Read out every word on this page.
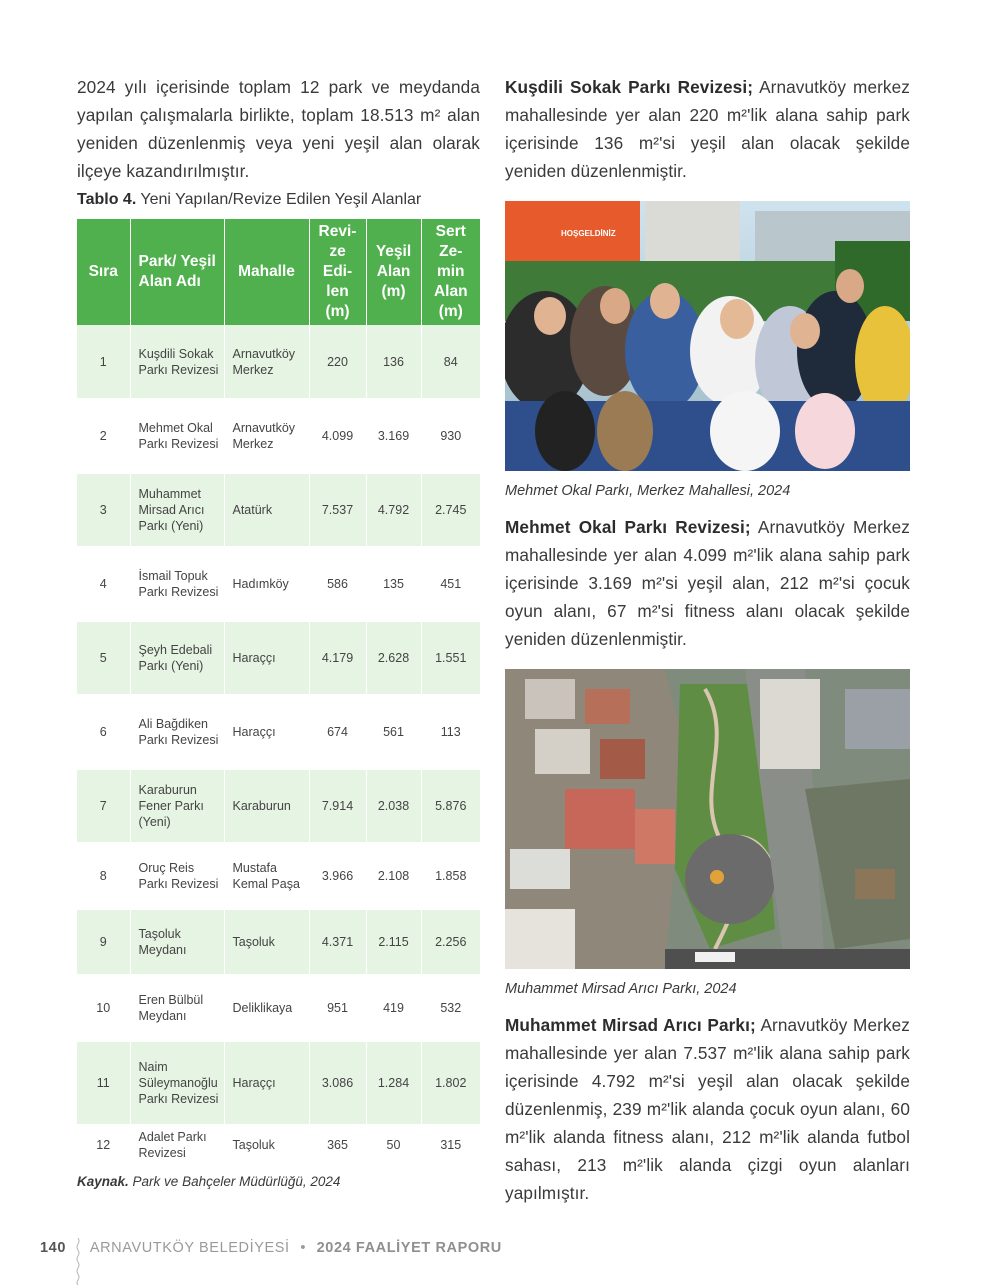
2024 yılı içerisinde toplam 12 park ve meydanda yapılan çalışmalarla birlikte, toplam 18.513 m² alan yeniden düzenlenmiş veya yeni yeşil alan olarak ilçeye kazandırılmıştır.

Tablo 4. Yeni Yapılan/Revize Edilen Yeşil Alanlar
Sıra	Park/ Yeşil Alan Adı	Mahalle	Revi-ze Edi-len (m)	Yeşil Alan (m)	Sert Ze-min Alan (m)
1	Kuşdili Sokak Parkı Revizesi	Arnavutköy Merkez	220	136	84
2	Mehmet Okal Parkı Revizesi	Arnavutköy Merkez	4.099	3.169	930
3	Muhammet Mirsad Arıcı Parkı (Yeni)	Atatürk	7.537	4.792	2.745
4	İsmail Topuk Parkı Revizesi	Hadımköy	586	135	451
5	Şeyh Edebali Parkı (Yeni)	Haraççı	4.179	2.628	1.551
6	Ali Bağdiken Parkı Revizesi	Haraççı	674	561	113
7	Karaburun Fener Parkı (Yeni)	Karaburun	7.914	2.038	5.876
8	Oruç Reis Parkı Revizesi	Mustafa Kemal Paşa	3.966	2.108	1.858
9	Taşoluk Meydanı	Taşoluk	4.371	2.115	2.256
10	Eren Bülbül Meydanı	Deliklikaya	951	419	532
11	Naim Süleymanoğlu Parkı Revizesi	Haraççı	3.086	1.284	1.802
12	Adalet Parkı Revizesi	Taşoluk	365	50	315
Kaynak. Park ve Bahçeler Müdürlüğü, 2024

Kuşdili Sokak Parkı Revizesi; Arnavutköy merkez mahallesinde yer alan 220 m²'lik alana sahip park içerisinde 136 m²'si yeşil alan olacak şekilde yeniden düzenlenmiştir.

HOŞGELDİNİZ
Mehmet Okal Parkı, Merkez Mahallesi, 2024

Mehmet Okal Parkı Revizesi; Arnavutköy Merkez mahallesinde yer alan 4.099 m²'lik alana sahip park içerisinde 3.169 m²'si yeşil alan, 212 m²'si çocuk oyun alanı, 67 m²'si fitness alanı olacak şekilde yeniden düzenlenmiştir.

Muhammet Mirsad Arıcı Parkı, 2024

Muhammet Mirsad Arıcı Parkı; Arnavutköy Merkez mahallesinde yer alan 7.537 m²'lik alana sahip park içerisinde 4.792 m²'si yeşil alan olacak şekilde düzenlenmiş, 239 m²'lik alanda çocuk oyun alanı, 60 m²'lik alanda fitness alanı, 212 m²'lik alanda futbol sahası, 213 m²'lik alanda çizgi oyun alanları yapılmıştır.

140 ARNAVUTKÖY BELEDİYESİ • 2024 FAALİYET RAPORU
